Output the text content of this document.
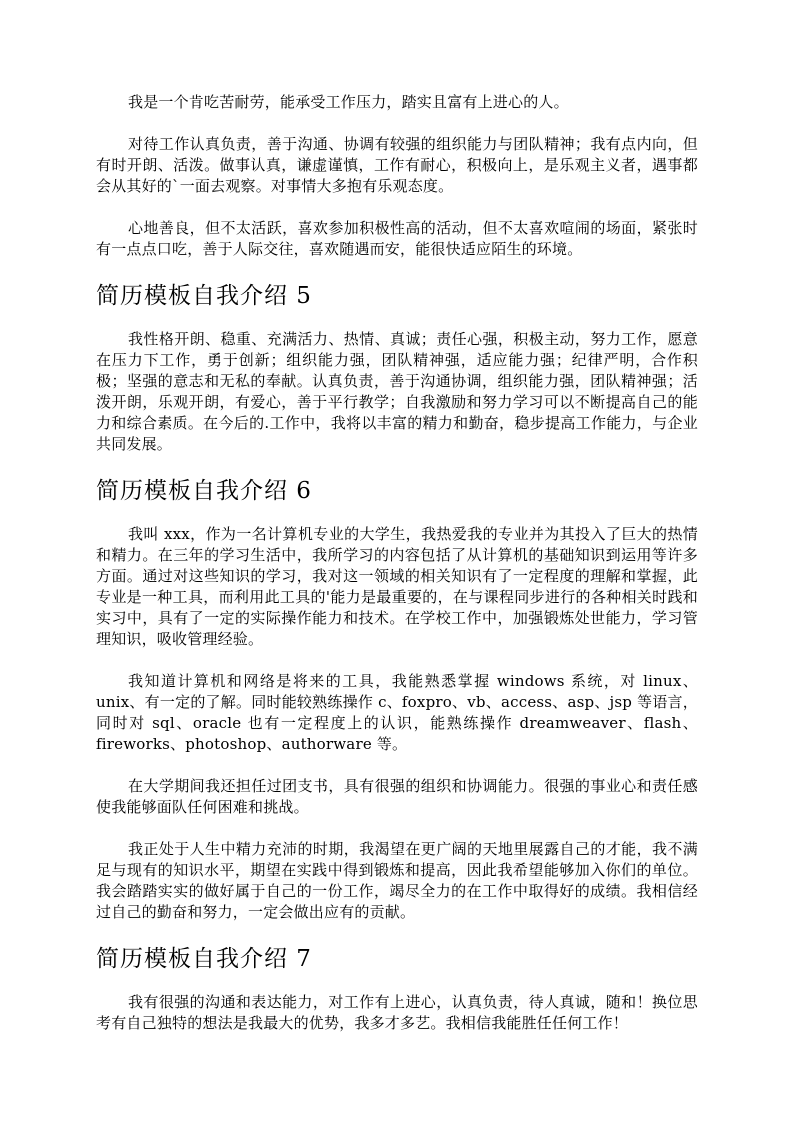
我是一个肯吃苦耐劳，能承受工作压力，踏实且富有上进心的人。

对待工作认真负责，善于沟通、协调有较强的组织能力与团队精神；我有点内向，但有时开朗、活泼。做事认真，谦虚谨慎，工作有耐心，积极向上，是乐观主义者，遇事都会从其好的`一面去观察。对事情大多抱有乐观态度。

心地善良，但不太活跃，喜欢参加积极性高的活动，但不太喜欢喧闹的场面，紧张时有一点点口吃，善于人际交往，喜欢随遇而安，能很快适应陌生的环境。

简历模板自我介绍 5

我性格开朗、稳重、充满活力、热情、真诚；责任心强，积极主动，努力工作，愿意在压力下工作，勇于创新；组织能力强，团队精神强，适应能力强；纪律严明，合作积极；坚强的意志和无私的奉献。认真负责，善于沟通协调，组织能力强，团队精神强；活泼开朗，乐观开朗，有爱心，善于平行教学；自我激励和努力学习可以不断提高自己的能力和综合素质。在今后的.工作中，我将以丰富的精力和勤奋，稳步提高工作能力，与企业共同发展。

简历模板自我介绍 6

我叫 xxx，作为一名计算机专业的大学生，我热爱我的专业并为其投入了巨大的热情和精力。在三年的学习生活中，我所学习的内容包括了从计算机的基础知识到运用等许多方面。通过对这些知识的学习，我对这一领域的相关知识有了一定程度的理解和掌握，此专业是一种工具，而利用此工具的'能力是最重要的，在与课程同步进行的各种相关时践和实习中，具有了一定的实际操作能力和技术。在学校工作中，加强锻炼处世能力，学习管理知识，吸收管理经验。

我知道计算机和网络是将来的工具，我能熟悉掌握 windows 系统，对 linux、unix、有一定的了解。同时能较熟练操作 c、foxpro、vb、access、asp、jsp 等语言，同时对 sql、oracle 也有一定程度上的认识，能熟练操作 dreamweaver、flash、fireworks、photoshop、authorware 等。

在大学期间我还担任过团支书，具有很强的组织和协调能力。很强的事业心和责任感使我能够面队任何困难和挑战。

我正处于人生中精力充沛的时期，我渴望在更广阔的天地里展露自己的才能，我不满足与现有的知识水平，期望在实践中得到锻炼和提高，因此我希望能够加入你们的单位。我会踏踏实实的做好属于自己的一份工作，竭尽全力的在工作中取得好的成绩。我相信经过自己的勤奋和努力，一定会做出应有的贡献。

简历模板自我介绍 7

我有很强的沟通和表达能力，对工作有上进心，认真负责，待人真诚，随和！换位思考有自己独特的想法是我最大的优势，我多才多艺。我相信我能胜任任何工作！
